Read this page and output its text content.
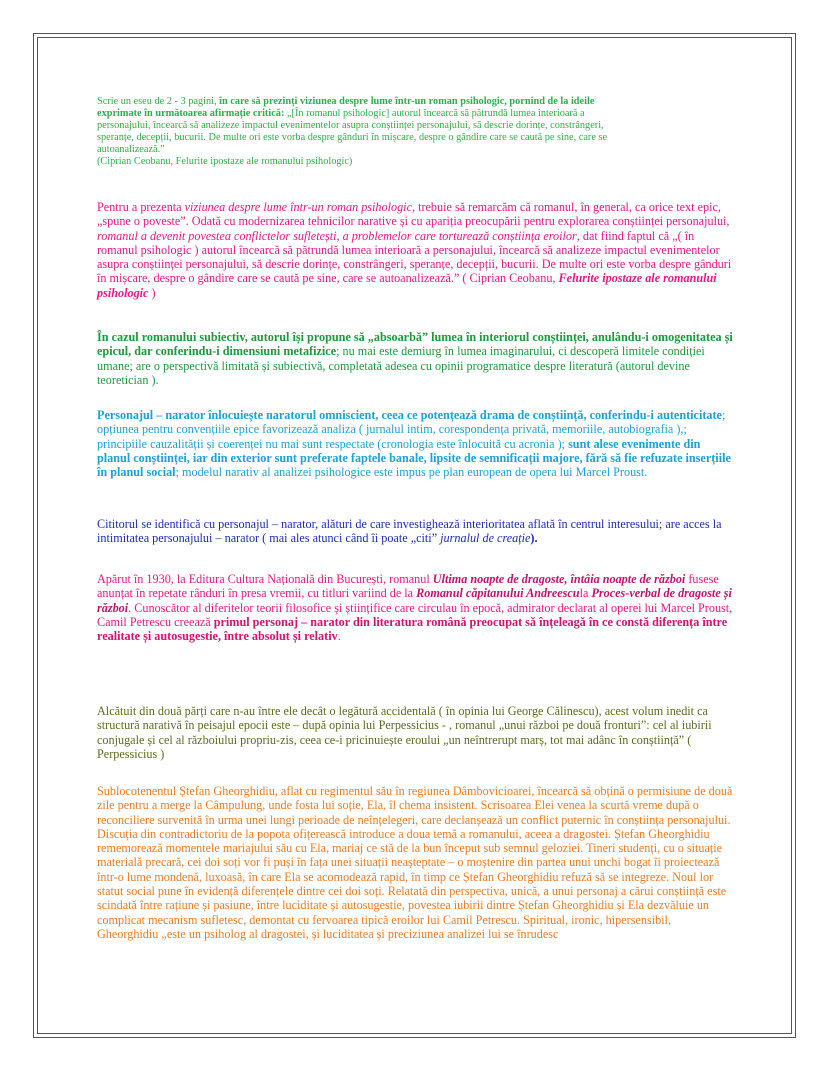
Scrie un eseu de 2 - 3 pagini, în care să prezinți viziunea despre lume într-un roman psihologic, pornind de la ideile exprimate în următoarea afirmație critică: „[În romanul psihologic] autorul încearcă să pătrundă lumea interioară a personajului, încearcă să analizeze impactul evenimentelor asupra conștiinței personajului, să descrie dorințe, constrângeri, speranțe, decepții, bucurii. De multe ori este vorba despre gânduri în mișcare, despre o gândire care se caută pe sine, care se autoanalizează.”
(Ciprian Ceobanu, Felurite ipostaze ale romanului psihologic)

Pentru a prezenta viziunea despre lume într-un roman psihologic, trebuie să remarcăm că romanul, în general, ca orice text epic, „spune o poveste”. Odată cu modernizarea tehnicilor narative și cu apariția preocupării pentru explorarea conștiinței personajului, romanul a devenit povestea conflictelor sufletești, a problemelor care torturează conștiința eroilor, dat fiind faptul că „( în romanul psihologic ) autorul încearcă să pătrundă lumea interioară a personajului, încearcă să analizeze impactul evenimentelor asupra conștiinței personajului, să descrie dorințe, constrângeri, speranțe, decepții, bucurii. De multe ori este vorba despre gânduri în mișcare, despre o gândire care se caută pe sine, care se autoanalizează.” ( Ciprian Ceobanu, Felurite ipostaze ale romanului psihologic )

În cazul romanului subiectiv, autorul își propune să „absoarbă” lumea în interiorul conștiinței, anulându-i omogenitatea și epicul, dar conferindu-i dimensiuni metafizice; nu mai este demiurg în lumea imaginarului, ci descoperă limitele condiției umane; are o perspectivă limitată și subiectivă, completată adesea cu opinii programatice despre literatură (autorul devine teoretician ).

Personajul – narator înlocuiește naratorul omniscient, ceea ce potențează drama de conștiință, conferindu-i autenticitate; opțiunea pentru convențiile epice favorizează analiza ( jurnalul intim, corespondența privată, memoriile, autobiografia ),; principiile cauzalității și coerenței nu mai sunt respectate (cronologia este înlocuită cu acronia ); sunt alese evenimente din planul conștiinței, iar din exterior sunt preferate faptele banale, lipsite de semnificații majore, fără să fie refuzate inserțiile în planul social; modelul narativ al analizei psihologice este impus pe plan european de opera lui Marcel Proust.

Cititorul se identifică cu personajul – narator, alături de care investighează interioritatea aflată în centrul interesului; are acces la intimitatea personajului – narator ( mai ales atunci când îi poate „citi” jurnalul de creație).

Apărut în 1930, la Editura Cultura Națională din București, romanul Ultima noapte de dragoste, întâia noapte de război fusese anunțat în repetate rânduri în presa vremii, cu titluri variind de la Romanul căpitanului Andreescula Proces-verbal de dragoste și război. Cunoscător al diferitelor teorii filosofice și științifice care circulau în epocă, admirator declarat al operei lui Marcel Proust, Camil Petrescu creează primul personaj – narator din literatura română preocupat să înțeleagă în ce constă diferența între realitate și autosugestie, între absolut și relativ.

Alcătuit din două părți care n-au între ele decât o legătură accidentală ( în opinia lui George Călinescu), acest volum inedit ca structură narativă în peisajul epocii este – după opinia lui Perpessicius - , romanul „unui război pe două fronturi”: cel al iubirii conjugale și cel al războiului propriu-zis, ceea ce-i pricinuiește eroului „un neîntrerupt marș, tot mai adânc în conștiință” ( Perpessicius )

Sublocotenentul Ștefan Gheorghidiu, aflat cu regimentul său în regiunea Dâmbovicioarei, încearcă să obțină o permisiune de două zile pentru a merge la Câmpulung, unde fosta lui soție, Ela, îl chema insistent. Scrisoarea Elei venea la scurtă vreme după o reconciliere survenită în urma unei lungi perioade de neînțelegeri, care declanșează un conflict puternic în conștiința personajului. Discuția din contradictoriu de la popota ofițerească introduce a doua temă a romanului, aceea a dragostei. Ștefan Gheorghidiu rememorează momentele mariajului său cu Ela, mariaj ce stă de la bun început sub semnul geloziei. Tineri studenți, cu o situație materială precară, cei doi soți vor fi puși în fața unei situații neașteptate – o moștenire din partea unui unchi bogat îi proiectează într-o lume mondenă, luxoasă, în care Ela se acomodează rapid, în timp ce Ștefan Gheorghidiu refuză să se integreze. Noul lor statut social pune în evidență diferențele dintre cei doi soți. Relatată din perspectiva, unică, a unui personaj a cărui conștiință este scindată între rațiune și pasiune, între luciditate și autosugestie, povestea iubirii dintre Ștefan Gheorghidiu și Ela dezvăluie un complicat mecanism sufletesc, demontat cu fervoarea tipică eroilor lui Camil Petrescu. Spiritual, ironic, hipersensibil, Gheorghidiu „este un psiholog al dragostei, și luciditatea și preciziunea analizei lui se înrudesc
